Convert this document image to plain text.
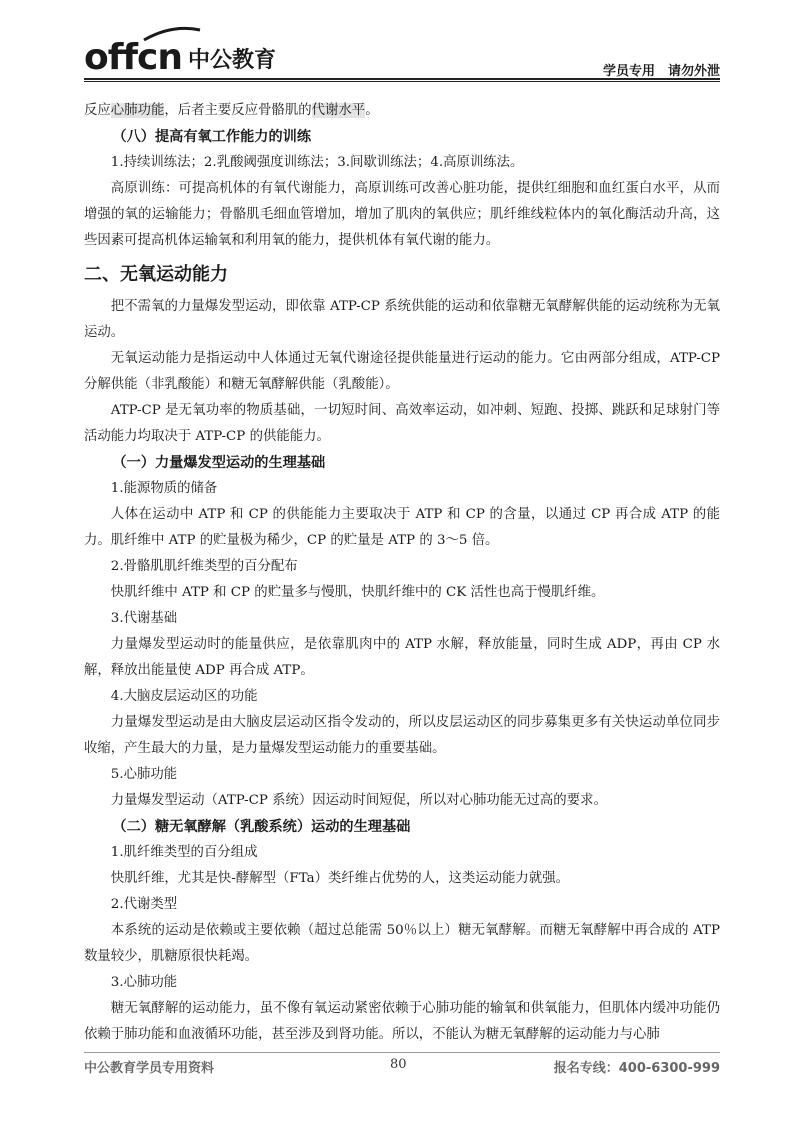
offcn 中公教育	学员专用　请勿外泄

反应心肺功能，后者主要反应骨骼肌的代谢水平。

（八）提高有氧工作能力的训练

1.持续训练法；2.乳酸阈强度训练法；3.间歇训练法；4.高原训练法。

高原训练：可提高机体的有氧代谢能力，高原训练可改善心脏功能，提供红细胞和血红蛋白水平，从而增强的氧的运输能力；骨骼肌毛细血管增加，增加了肌肉的氧供应；肌纤维线粒体内的氧化酶活动升高，这些因素可提高机体运输氧和利用氧的能力，提供机体有氧代谢的能力。

二、无氧运动能力

把不需氧的力量爆发型运动，即依靠 ATP-CP 系统供能的运动和依靠糖无氧酵解供能的运动统称为无氧运动。

无氧运动能力是指运动中人体通过无氧代谢途径提供能量进行运动的能力。它由两部分组成，ATP-CP 分解供能（非乳酸能）和糖无氧酵解供能（乳酸能）。

ATP-CP 是无氧功率的物质基础，一切短时间、高效率运动，如冲刺、短跑、投掷、跳跃和足球射门等活动能力均取决于 ATP-CP 的供能能力。

（一）力量爆发型运动的生理基础

1.能源物质的储备

人体在运动中 ATP 和 CP 的供能能力主要取决于 ATP 和 CP 的含量，以通过 CP 再合成 ATP 的能力。肌纤维中 ATP 的贮量极为稀少，CP 的贮量是 ATP 的 3～5 倍。

2.骨骼肌肌纤维类型的百分配布

快肌纤维中 ATP 和 CP 的贮量多与慢肌，快肌纤维中的 CK 活性也高于慢肌纤维。

3.代谢基础

力量爆发型运动时的能量供应，是依靠肌肉中的 ATP 水解，释放能量，同时生成 ADP，再由 CP 水解，释放出能量使 ADP 再合成 ATP。

4.大脑皮层运动区的功能

力量爆发型运动是由大脑皮层运动区指令发动的，所以皮层运动区的同步募集更多有关快运动单位同步收缩，产生最大的力量，是力量爆发型运动能力的重要基础。

5.心肺功能

力量爆发型运动（ATP-CP 系统）因运动时间短促，所以对心肺功能无过高的要求。

（二）糖无氧酵解（乳酸系统）运动的生理基础

1.肌纤维类型的百分组成

快肌纤维，尤其是快-酵解型（FTa）类纤维占优势的人，这类运动能力就强。

2.代谢类型

本系统的运动是依赖或主要依赖（超过总能需 50％以上）糖无氧酵解。而糖无氧酵解中再合成的 ATP 数量较少，肌糖原很快耗竭。

3.心肺功能

糖无氧酵解的运动能力，虽不像有氧运动紧密依赖于心肺功能的输氧和供氧能力，但肌体内缓冲功能仍依赖于肺功能和血液循环功能，甚至涉及到肾功能。所以，不能认为糖无氧酵解的运动能力与心肺

中公教育学员专用资料	80	报名专线：400-6300-999
